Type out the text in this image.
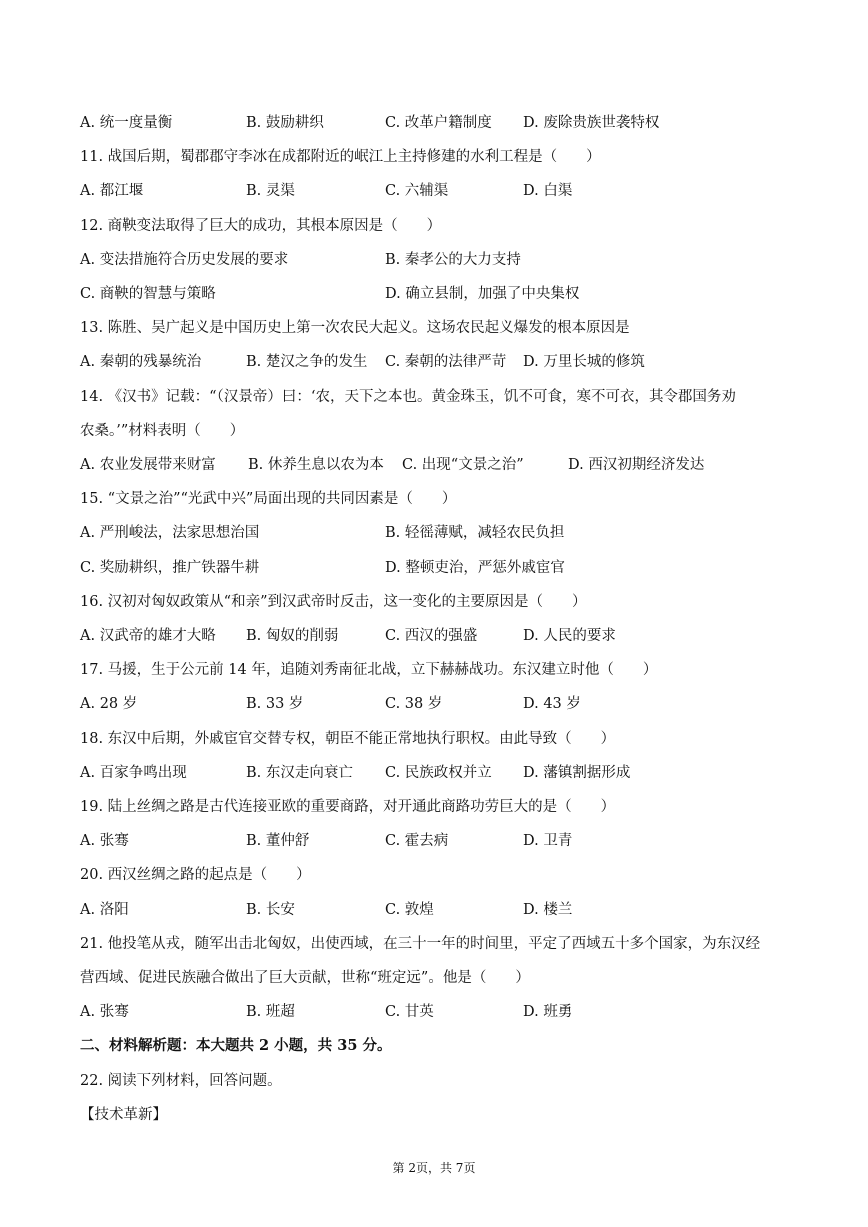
A. 统一度量衡	B. 鼓励耕织	C. 改革户籍制度 D. 废除贵族世袭特权
11. 战国后期，蜀郡郡守李冰在成都附近的岷江上主持修建的水利工程是（　　）
A. 都江堰	B. 灵渠	C. 六辅渠	D. 白渠
12. 商鞅变法取得了巨大的成功，其根本原因是（　　）
A. 变法措施符合历史发展的要求	B. 秦孝公的大力支持
C. 商鞅的智慧与策略	D. 确立县制，加强了中央集权
13. 陈胜、吴广起义是中国历史上第一次农民大起义。这场农民起义爆发的根本原因是
A. 秦朝的残暴统治	B. 楚汉之争的发生 C. 秦朝的法律严苛 D. 万里长城的修筑
14. 《汉书》记载：“（汉景帝）曰：‘农，天下之本也。黄金珠玉，饥不可食，寒不可衣，其令郡国务劝
农桑。’”材料表明（　　）
A. 农业发展带来财富 B. 休养生息以农为本 C. 出现“文景之治”	D. 西汉初期经济发达
15. “文景之治”“光武中兴”局面出现的共同因素是（　　）
A. 严刑峻法，法家思想治国	B. 轻徭薄赋，减轻农民负担
C. 奖励耕织，推广铁器牛耕	D. 整顿吏治，严惩外戚宦官
16. 汉初对匈奴政策从“和亲”到汉武帝时反击，这一变化的主要原因是（　　）
A. 汉武帝的雄才大略 B. 匈奴的削弱	C. 西汉的强盛	D. 人民的要求
17. 马援，生于公元前 14 年，追随刘秀南征北战，立下赫赫战功。东汉建立时他（　　）
A. 28 岁	B. 33 岁	C. 38 岁	D. 43 岁
18. 东汉中后期，外戚宦官交替专权，朝臣不能正常地执行职权。由此导致（　　）
A. 百家争鸣出现	B. 东汉走向衰亡 C. 民族政权并立 D. 藩镇割据形成
19. 陆上丝绸之路是古代连接亚欧的重要商路，对开通此商路功劳巨大的是（　　）
A. 张骞	B. 董仲舒	C. 霍去病	D. 卫青
20. 西汉丝绸之路的起点是（　　）
A. 洛阳	B. 长安	C. 敦煌	D. 楼兰
21. 他投笔从戎，随军出击北匈奴，出使西域，在三十一年的时间里，平定了西域五十多个国家，为东汉经
营西域、促进民族融合做出了巨大贡献，世称“班定远”。他是（　　）
A. 张骞	B. 班超	C. 甘英	D. 班勇
二、材料解析题：本大题共 2 小题，共 35 分。
22. 阅读下列材料，回答问题。
【技术革新】
第 2页，共 7页
